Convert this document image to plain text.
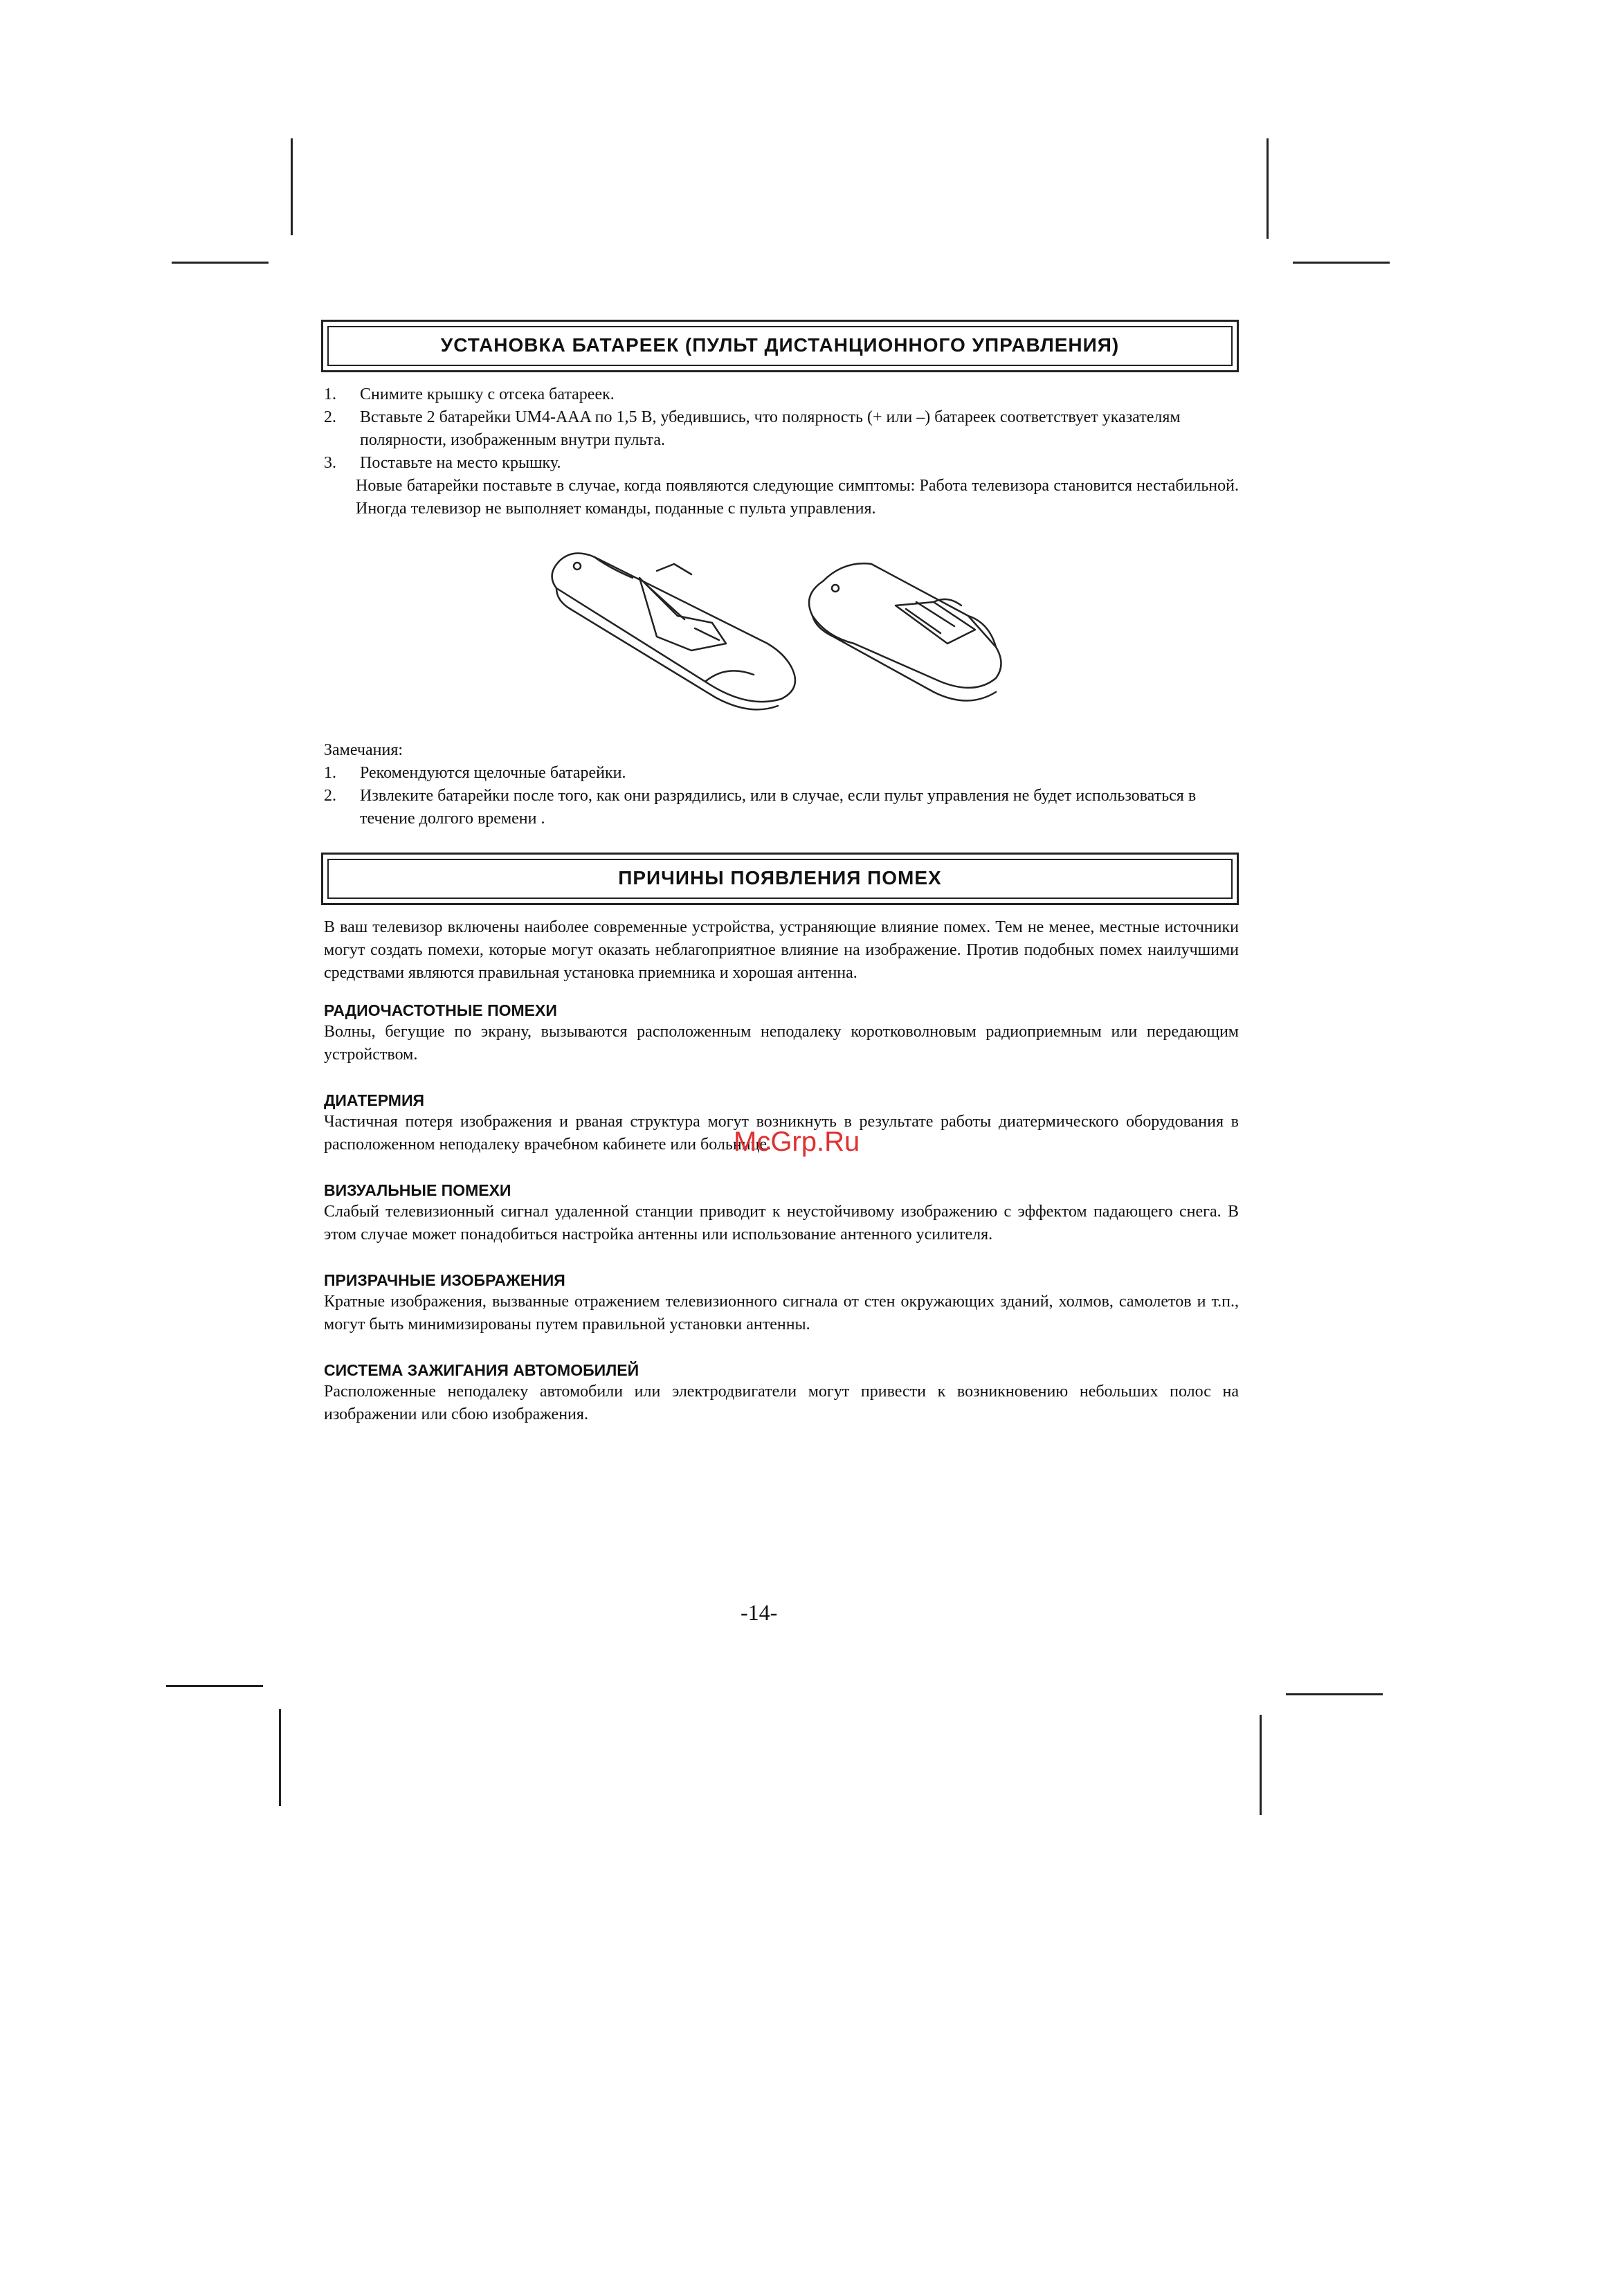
УСТАНОВКА БАТАРЕЕК (ПУЛЬТ ДИСТАНЦИОННОГО УПРАВЛЕНИЯ)
1. Снимите крышку с отсека батареек.
2. Вставьте 2 батарейки UM4-AAA по 1,5 В, убедившись, что полярность (+ или –) батареек соответствует указателям полярности, изображенным внутри пульта.
3. Поставьте на место крышку.

Новые батарейки поставьте в случае, когда появляются следующие симптомы: Работа телевизора становится нестабильной. Иногда телевизор не выполняет команды, поданные с пульта управления.

Замечания:

1. Рекомендуются щелочные батарейки.
2. Извлеките батарейки после того, как они разрядились, или в случае, если пульт управления не будет использоваться в течение долгого времени .
ПРИЧИНЫ ПОЯВЛЕНИЯ ПОМЕХ

В ваш телевизор включены наиболее современные устройства, устраняющие влияние помех. Тем не менее, местные источники могут создать помехи, которые могут оказать неблагоприятное влияние на изображение. Против подобных помех наилучшими средствами являются правильная установка приемника и хорошая антенна.

РАДИОЧАСТОТНЫЕ ПОМЕХИ

Волны, бегущие по экрану, вызываются расположенным неподалеку коротковолновым радиоприемным или передающим устройством.

ДИАТЕРМИЯ

Частичная потеря изображения и рваная структура могут возникнуть в результате работы диатермического оборудования в расположенном неподалеку врачебном кабинете или больнице.

ВИЗУАЛЬНЫЕ ПОМЕХИ

Слабый телевизионный сигнал удаленной станции приводит к неустойчивому изображению с эффектом падающего снега. В этом случае может понадобиться настройка антенны или использование антенного усилителя.

ПРИЗРАЧНЫЕ ИЗОБРАЖЕНИЯ

Кратные изображения, вызванные отражением телевизионного сигнала от стен окружающих зданий, холмов, самолетов и т.п., могут быть минимизированы путем правильной установки антенны.

СИСТЕМА ЗАЖИГАНИЯ АВТОМОБИЛЕЙ

Расположенные неподалеку автомобили или электродвигатели могут привести к возникновению небольших полос на изображении или сбою изображения.

McGrp.Ru
-14-
